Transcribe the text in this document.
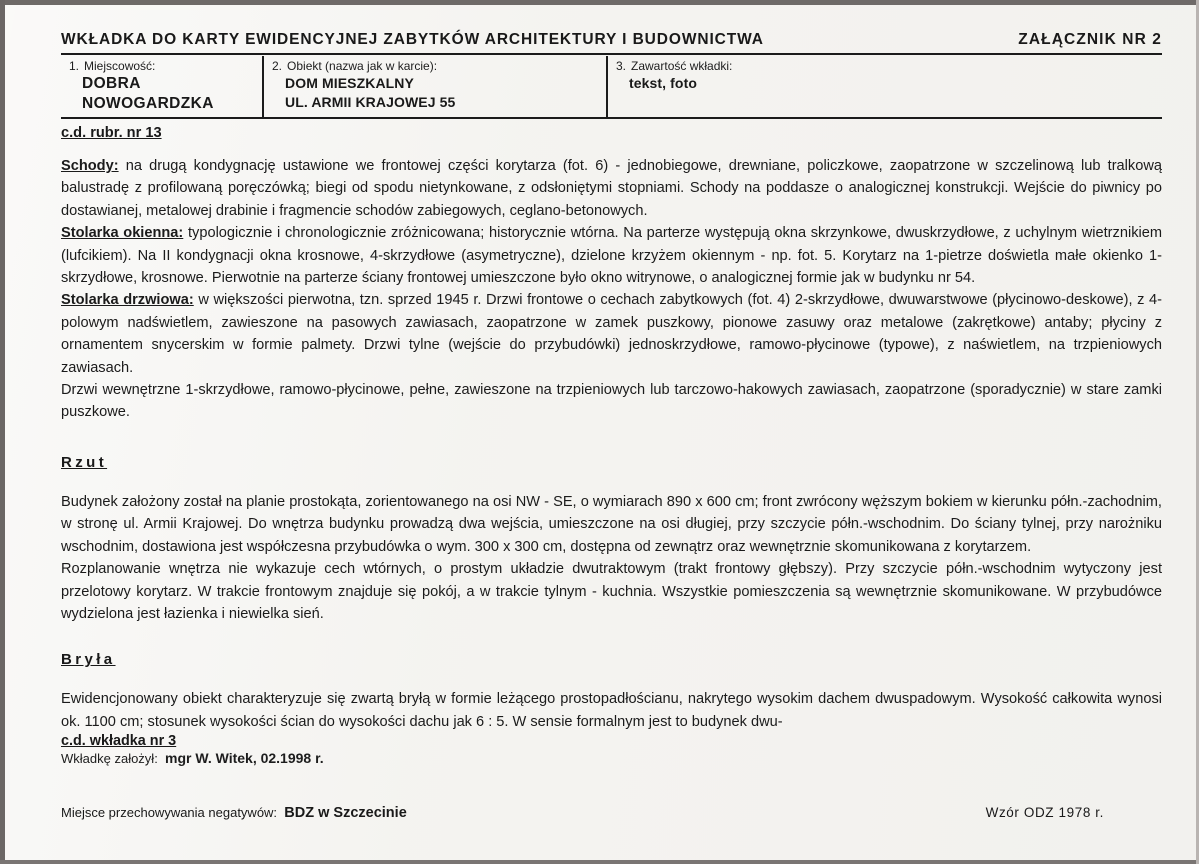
WKŁADKA DO KARTY EWIDENCYJNEJ ZABYTKÓW ARCHITEKTURY I BUDOWNICTWA	ZAŁĄCZNIK NR 2
1. Miejscowość:
DOBRA
NOWOGARDZKA
2. Obiekt (nazwa jak w karcie):
DOM MIESZKALNY
UL. ARMII KRAJOWEJ 55
3. Zawartość wkładki:
tekst, foto
c.d. rubr. nr 13

Schody: na drugą kondygnację ustawione we frontowej części korytarza (fot. 6) - jednobiegowe, drewniane, policzkowe, zaopatrzone w szczelinową lub tralkową balustradę z profilowaną poręczówką; biegi od spodu nietynkowane, z odsłoniętymi stopniami. Schody na poddasze o analogicznej konstrukcji. Wejście do piwnicy po dostawianej, metalowej drabinie i fragmencie schodów zabiegowych, ceglano-betonowych.

Stolarka okienna: typologicznie i chronologicznie zróżnicowana; historycznie wtórna. Na parterze występują okna skrzynkowe, dwuskrzydłowe, z uchylnym wietrznikiem (lufcikiem). Na II kondygnacji okna krosnowe, 4-skrzydłowe (asymetryczne), dzielone krzyżem okiennym - np. fot. 5. Korytarz na 1-pietrze doświetla małe okienko 1-skrzydłowe, krosnowe. Pierwotnie na parterze ściany frontowej umieszczone było okno witrynowe, o analogicznej formie jak w budynku nr 54.

Stolarka drzwiowa: w większości pierwotna, tzn. sprzed 1945 r. Drzwi frontowe o cechach zabytkowych (fot. 4) 2-skrzydłowe, dwuwarstwowe (płycinowo-deskowe), z 4-polowym nadświetlem, zawieszone na pasowych zawiasach, zaopatrzone w zamek puszkowy, pionowe zasuwy oraz metalowe (zakrętkowe) antaby; płyciny z ornamentem snycerskim w formie palmety. Drzwi tylne (wejście do przybudówki) jednoskrzydłowe, ramowo-płycinowe (typowe), z naświetlem, na trzpieniowych zawiasach.

Drzwi wewnętrzne 1-skrzydłowe, ramowo-płycinowe, pełne, zawieszone na trzpieniowych lub tarczowo-hakowych zawiasach, zaopatrzone (sporadycznie) w stare zamki puszkowe.

Rzut

Budynek założony został na planie prostokąta, zorientowanego na osi NW - SE, o wymiarach 890 x 600 cm; front zwrócony węższym bokiem w kierunku półn.-zachodnim, w stronę ul. Armii Krajowej. Do wnętrza budynku prowadzą dwa wejścia, umieszczone na osi długiej, przy szczycie półn.-wschodnim. Do ściany tylnej, przy narożniku wschodnim, dostawiona jest współczesna przybudówka o wym. 300 x 300 cm, dostępna od zewnątrz oraz wewnętrznie skomunikowana z korytarzem.

Rozplanowanie wnętrza nie wykazuje cech wtórnych, o prostym układzie dwutraktowym (trakt frontowy głębszy). Przy szczycie półn.-wschodnim wytyczony jest przelotowy korytarz. W trakcie frontowym znajduje się pokój, a w trakcie tylnym - kuchnia. Wszystkie pomieszczenia są wewnętrznie skomunikowane. W przybudówce wydzielona jest łazienka i niewielka sień.

Bryła

Ewidencjonowany obiekt charakteryzuje się zwartą bryłą w formie leżącego prostopadłościanu, nakrytego wysokim dachem dwuspadowym. Wysokość całkowita wynosi ok. 1100 cm; stosunek wysokości ścian do wysokości dachu jak 6 : 5. W sensie formalnym jest to budynek dwu-

c.d. wkładka nr 3
Wkładkę założył: mgr W. Witek, 02.1998 r.
Miejsce przechowywania negatywów: BDZ w Szczecinie	Wzór ODZ 1978 r.
